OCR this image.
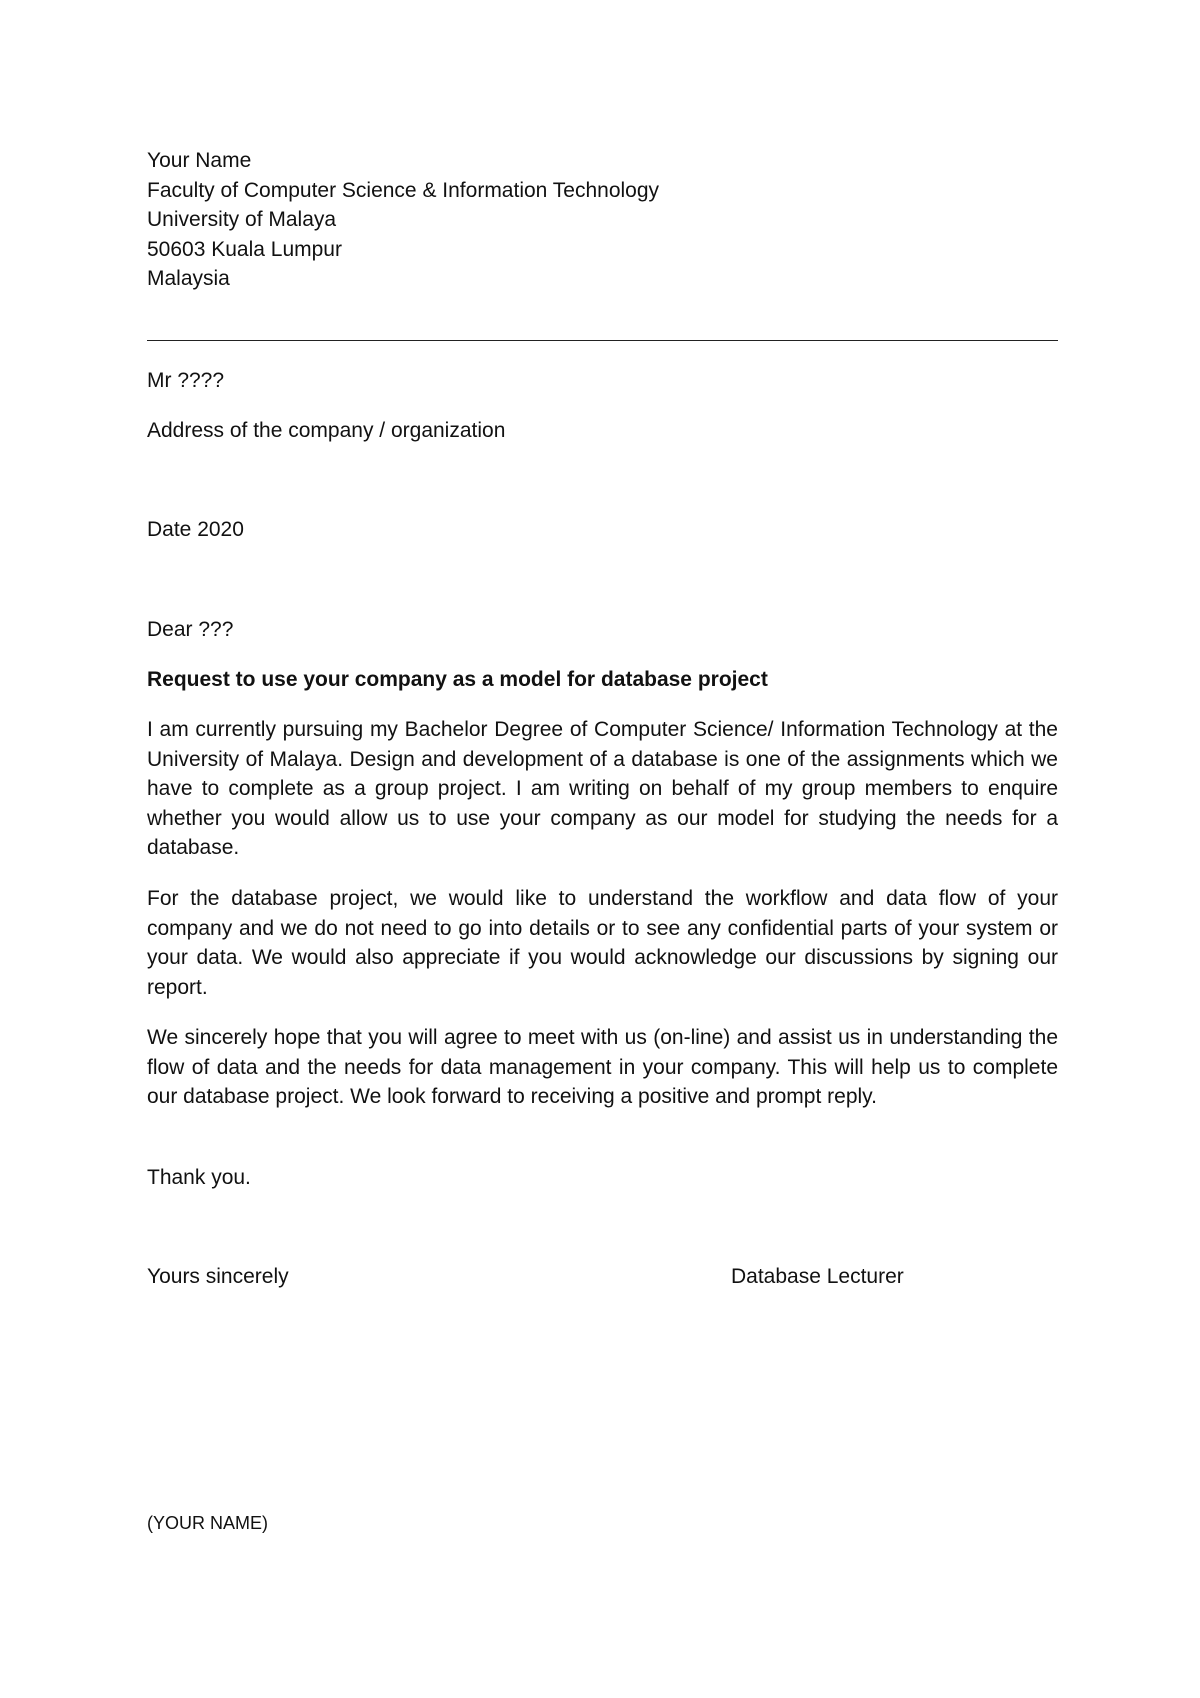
Your Name
Faculty of Computer Science & Information Technology
University of Malaya
50603 Kuala Lumpur
Malaysia
Mr ????
Address of the company / organization
Date 2020
Dear ???
Request to use your company as a model for database project

I am currently pursuing my Bachelor Degree of Computer Science/ Information Technology at the University of Malaya. Design and development of a database is one of the assignments which we have to complete as a group project. I am writing on behalf of my group members to enquire whether you would allow us to use your company as our model for studying the needs for a database.

For the database project, we would like to understand the workflow and data flow of your company and we do not need to go into details or to see any confidential parts of your system or your data. We would also appreciate if you would acknowledge our discussions by signing our report.

We sincerely hope that you will agree to meet with us (on-line) and assist us in understanding the flow of data and the needs for data management in your company. This will help us to complete our database project. We look forward to receiving a positive and prompt reply.

Thank you.
Yours sincerely	Database Lecturer
(YOUR NAME)
